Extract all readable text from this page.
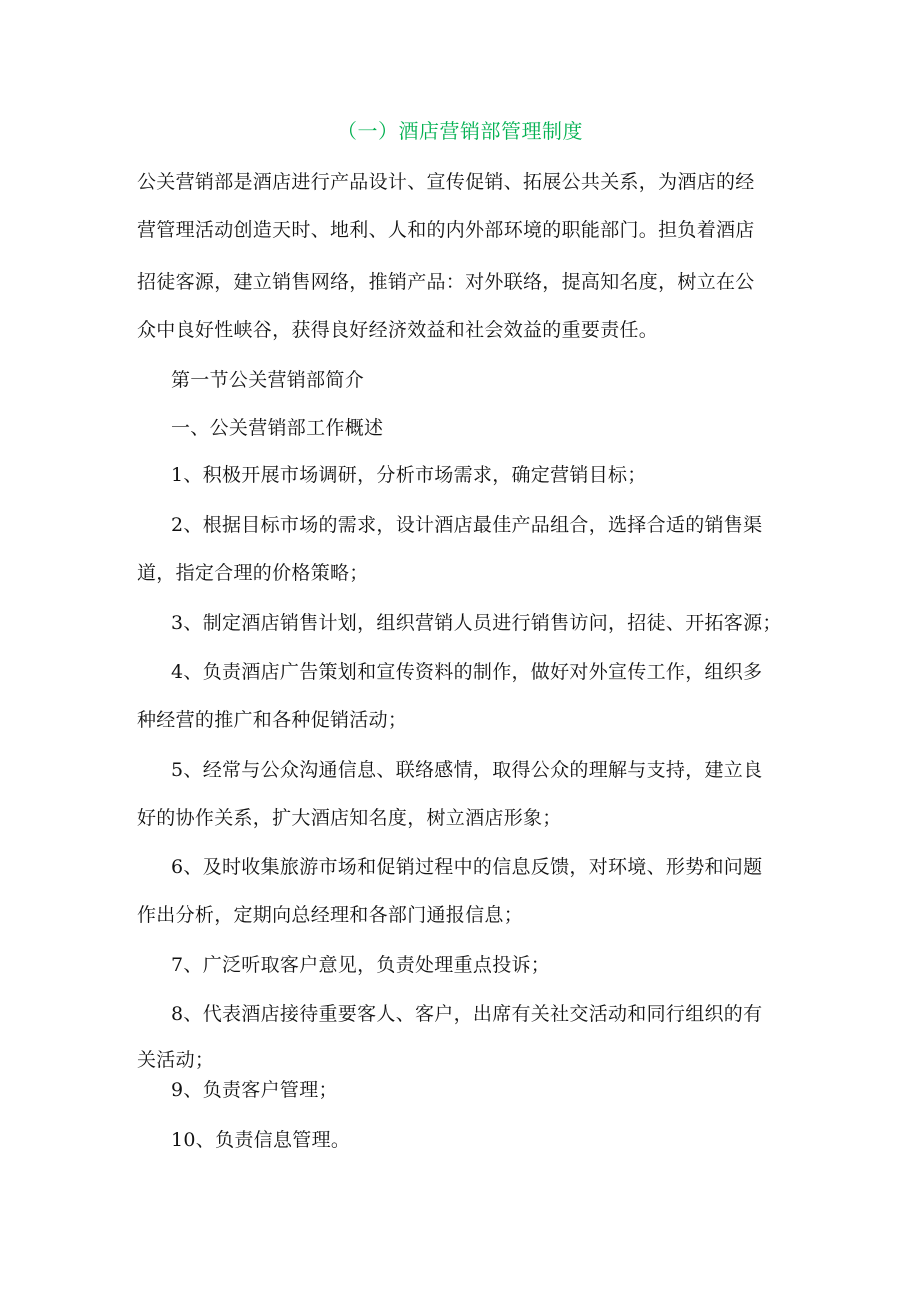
（一）酒店营销部管理制度
公关营销部是酒店进行产品设计、宣传促销、拓展公共关系，为酒店的经
营管理活动创造天时、地利、人和的内外部环境的职能部门。担负着酒店
招徒客源，建立销售网络，推销产品：对外联络，提高知名度，树立在公
众中良好性峡谷，获得良好经济效益和社会效益的重要责任。
第一节公关营销部简介
一、公关营销部工作概述
1、积极开展市场调研，分析市场需求，确定营销目标；
2、根据目标市场的需求，设计酒店最佳产品组合，选择合适的销售渠
道，指定合理的价格策略；
3、制定酒店销售计划，组织营销人员进行销售访问，招徒、开拓客源；
4、负责酒店广告策划和宣传资料的制作，做好对外宣传工作，组织多
种经营的推广和各种促销活动；
5、经常与公众沟通信息、联络感情，取得公众的理解与支持，建立良
好的协作关系，扩大酒店知名度，树立酒店形象；
6、及时收集旅游市场和促销过程中的信息反馈，对环境、形势和问题
作出分析，定期向总经理和各部门通报信息；
7、广泛听取客户意见，负责处理重点投诉；
8、代表酒店接待重要客人、客户，出席有关社交活动和同行组织的有
关活动；
9、负责客户管理；
10、负责信息管理。
